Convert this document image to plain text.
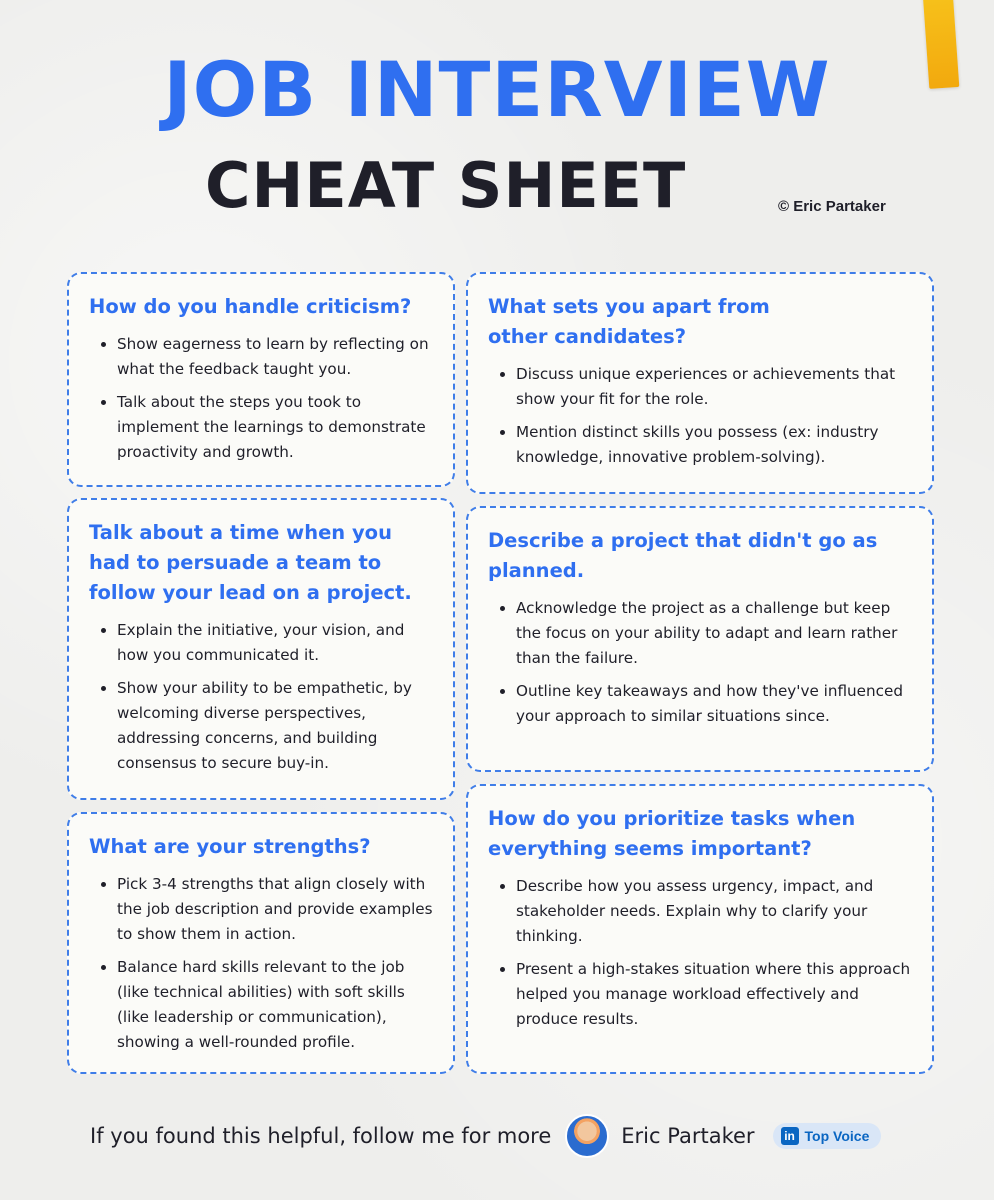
JOB INTERVIEW
CHEAT SHEET	© Eric Partaker
How do you handle criticism?
• Show eagerness to learn by reflecting on what the feedback taught you.
• Talk about the steps you took to implement the learnings to demonstrate proactivity and growth.
What sets you apart from other candidates?
• Discuss unique experiences or achievements that show your fit for the role.
• Mention distinct skills you possess (ex: industry knowledge, innovative problem-solving).
Talk about a time when you had to persuade a team to follow your lead on a project.
• Explain the initiative, your vision, and how you communicated it.
• Show your ability to be empathetic, by welcoming diverse perspectives, addressing concerns, and building consensus to secure buy-in.
Describe a project that didn't go as planned.
• Acknowledge the project as a challenge but keep the focus on your ability to adapt and learn rather than the failure.
• Outline key takeaways and how they've influenced your approach to similar situations since.
What are your strengths?
• Pick 3-4 strengths that align closely with the job description and provide examples to show them in action.
• Balance hard skills relevant to the job (like technical abilities) with soft skills (like leadership or communication), showing a well-rounded profile.
How do you prioritize tasks when everything seems important?
• Describe how you assess urgency, impact, and stakeholder needs. Explain why to clarify your thinking.
• Present a high-stakes situation where this approach helped you manage workload effectively and produce results.
If you found this helpful, follow me for more	Eric Partaker	in Top Voice
